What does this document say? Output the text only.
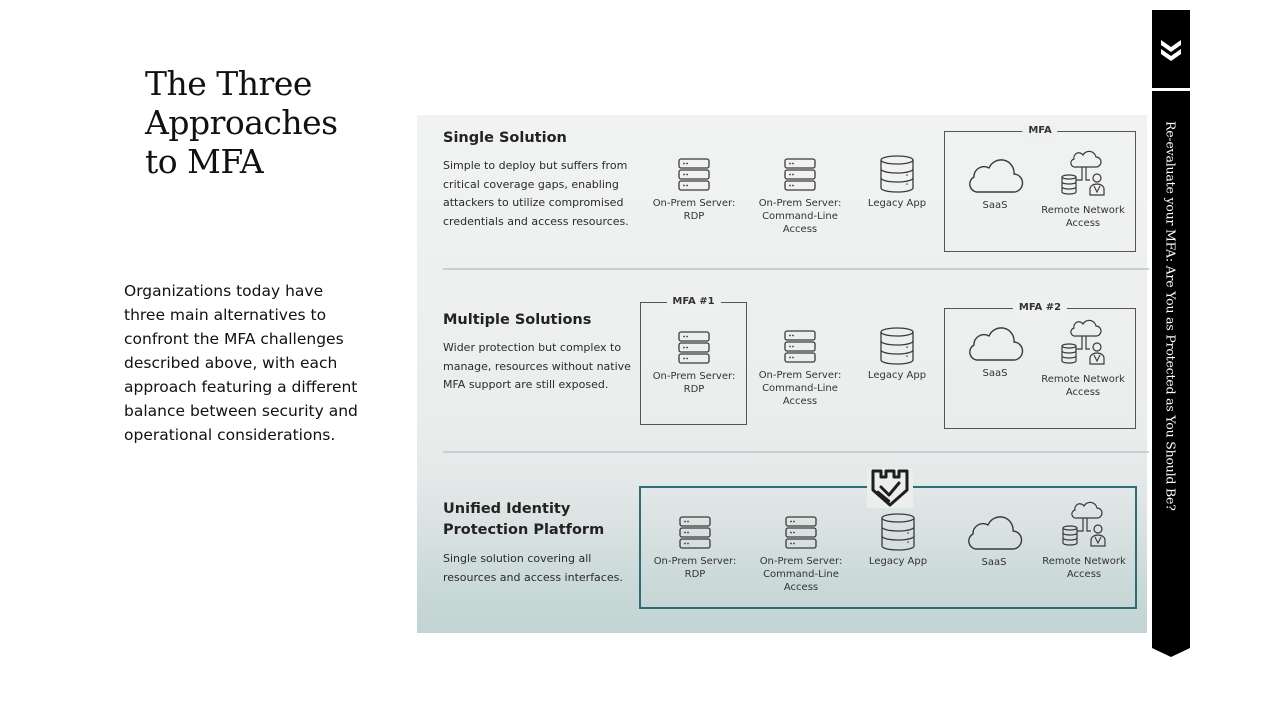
The Three Approaches to MFA

Organizations today have three main alternatives to confront the MFA challenges described above, with each approach featuring a different balance between security and operational considerations.

Single Solution

Simple to deploy but suffers from critical coverage gaps, enabling attackers to utilize compromised credentials and access resources.

On-Prem Server: RDP
On-Prem Server: Command-Line Access
Legacy App
MFA
SaaS	Remote Network Access
Multiple Solutions

Wider protection but complex to manage, resources without native MFA support are still exposed.

MFA #1
On-Prem Server: RDP
On-Prem Server: Command-Line Access
Legacy App
MFA #2
SaaS
Remote Network Access
Unified Identity Protection Platform

Single solution covering all resources and access interfaces.

On-Prem Server: RDP
On-Prem Server: Command-Line Access
Legacy App	SaaS	Remote Network Access
Re-evaluate your MFA: Are You as Protected as You Should Be?
